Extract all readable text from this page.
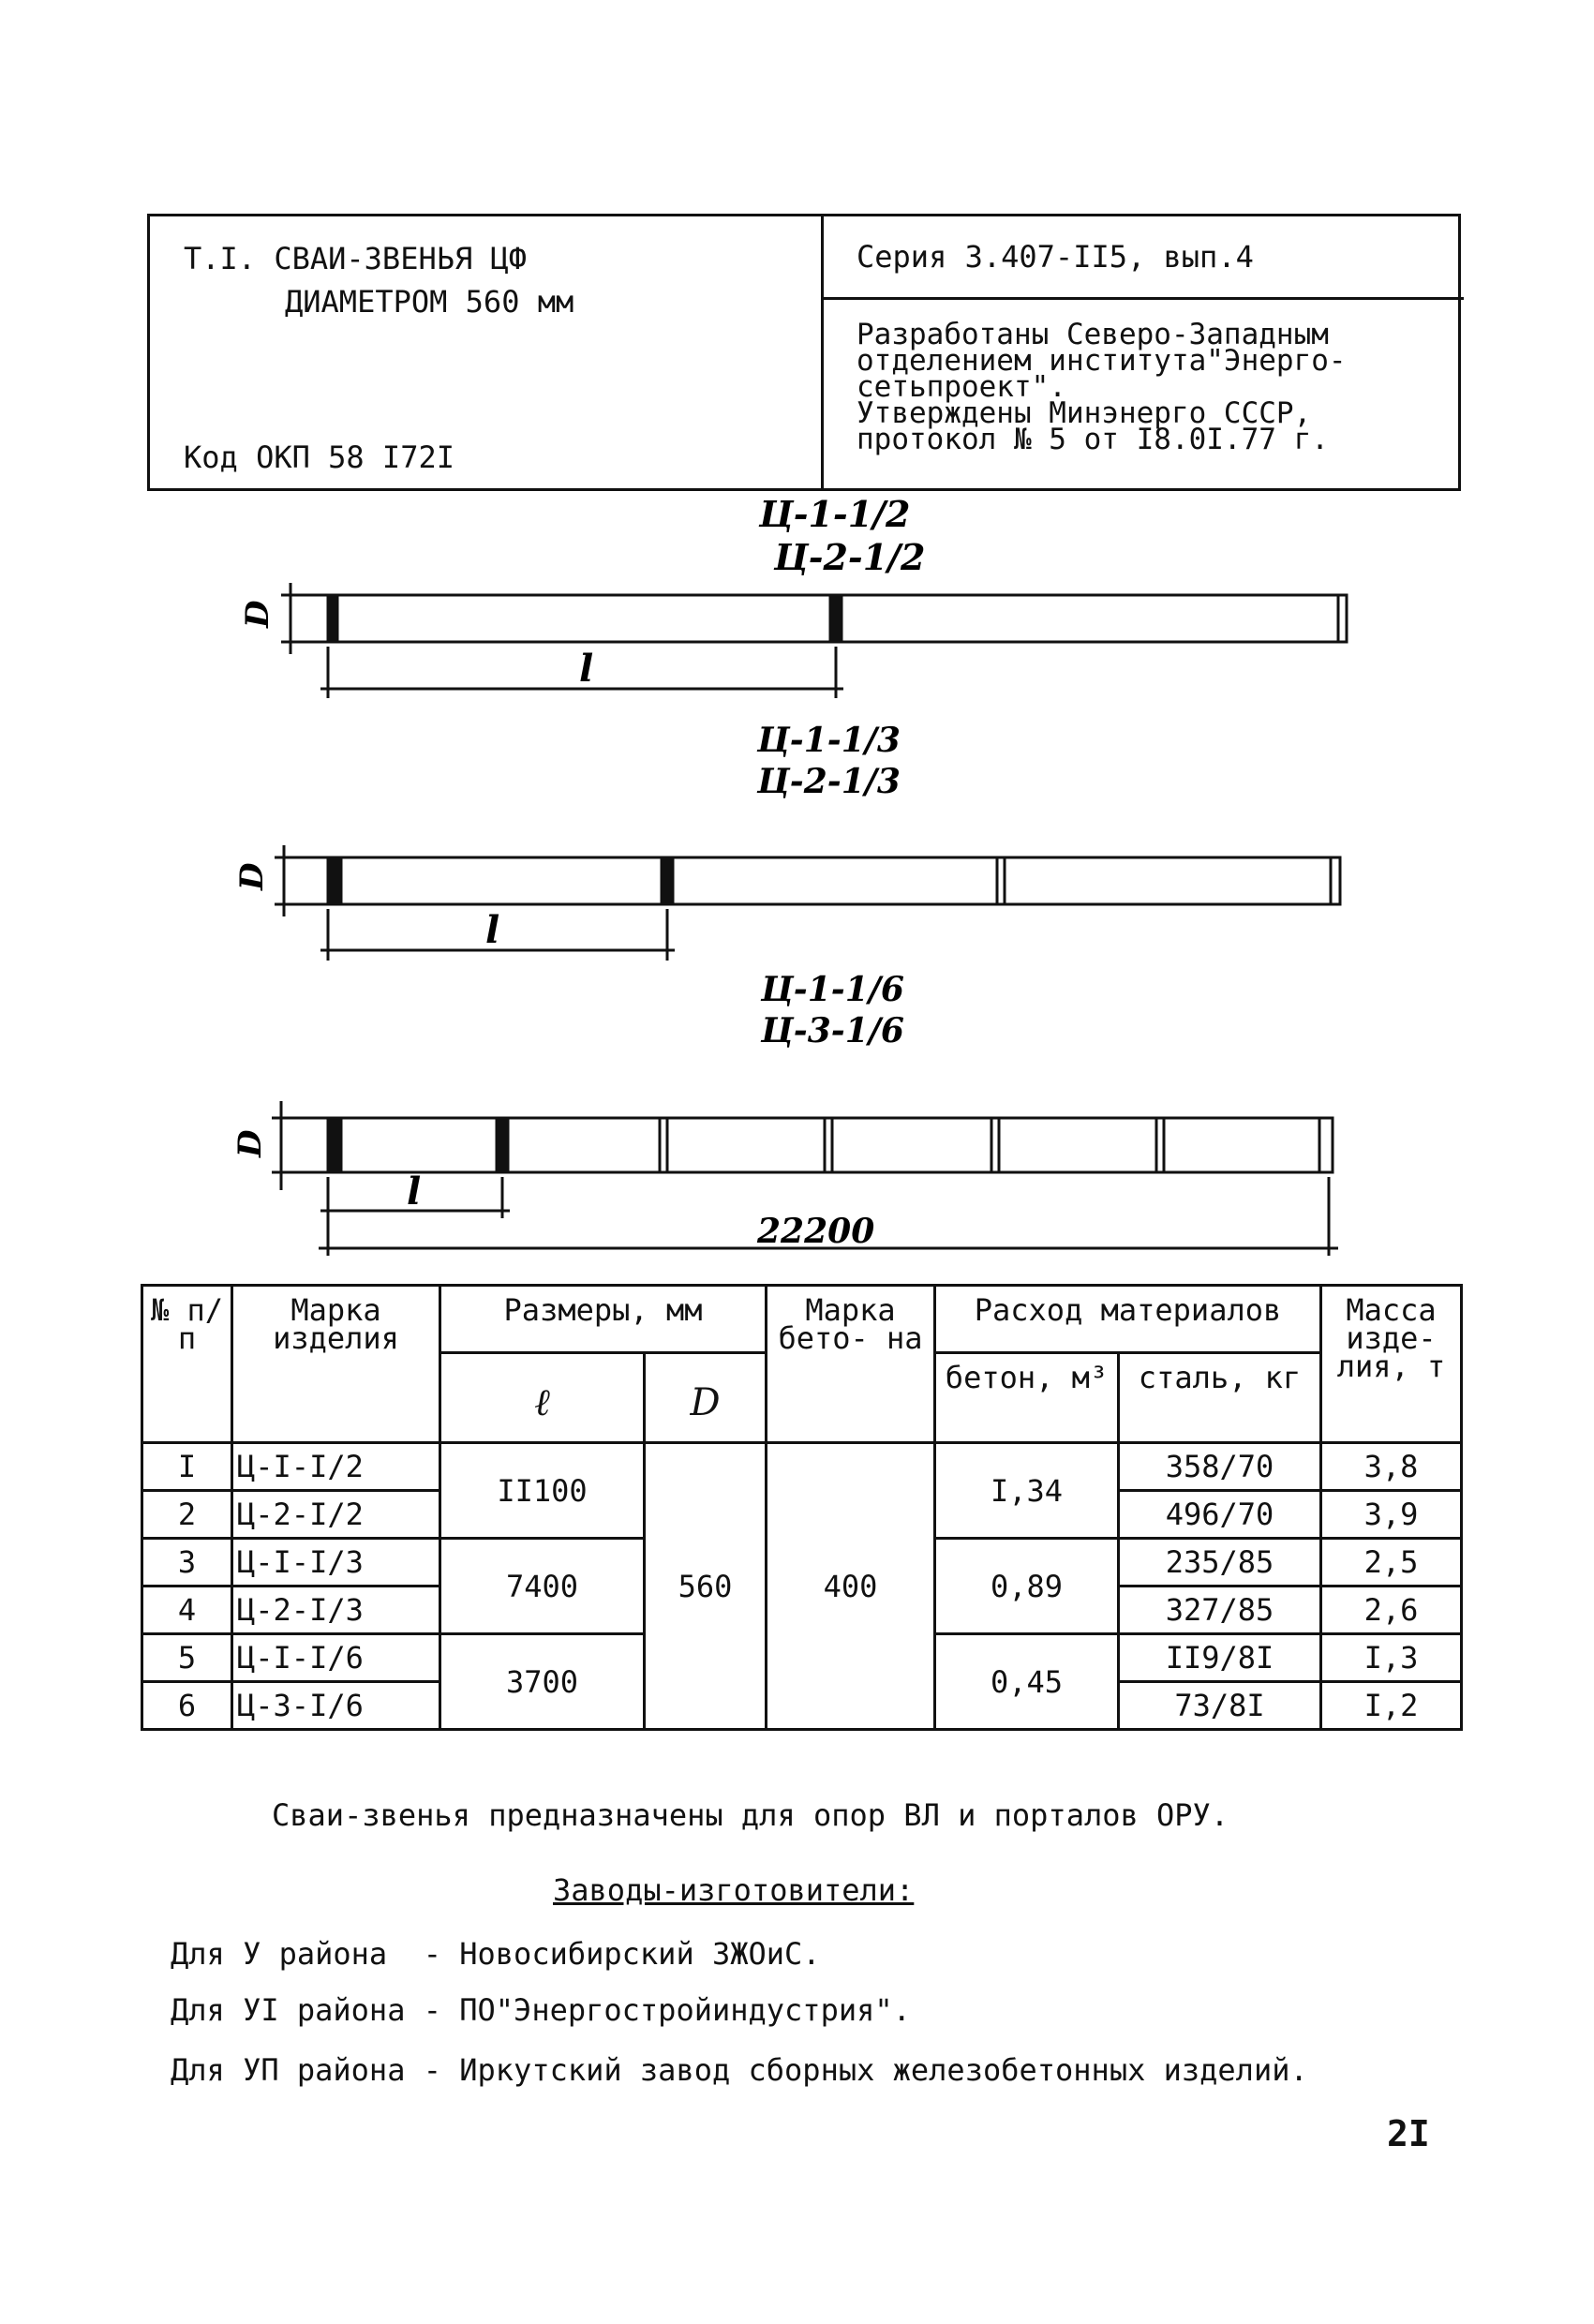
Т.I. СВАИ-ЗВЕНЬЯ ЦФ
ДИАМЕТРОМ 560 мм
Код ОКП 58 I72I
Серия 3.407-II5, вып.4
Разработаны Северо-Западным
отделением института"Энерго-
сетьпроект".
Утверждены Минэнерго СССР,
протокол № 5 от I8.0I.77 г.
Ц-1-1/2
Ц-2-1/2
D
l
Ц-1-1/3
Ц-2-1/3
D
l
Ц-1-1/6
Ц-3-1/6
D
l
22200
№ п/п	Марка изделия	Размеры, мм		Марка бето- на	Расход материалов		Масса изде- лия, т
		ℓ	D		бетон, м³	сталь, кг	
I	Ц-I-I/2	II100	560	400	I,34	358/70	3,8
2	Ц-2-I/2					496/70	3,9
3	Ц-I-I/3	7400			0,89	235/85	2,5
4	Ц-2-I/3					327/85	2,6
5	Ц-I-I/6	3700			0,45	II9/8I	I,3
6	Ц-3-I/6					73/8I	I,2
Сваи-звенья предназначены для опор ВЛ и порталов ОРУ.
Заводы-изготовители:
Для У района  - Новосибирский ЗЖОиС.
Для УI района - ПО"Энергостройиндустрия".
Для УП района - Иркутский завод сборных железобетонных изделий.
2I
